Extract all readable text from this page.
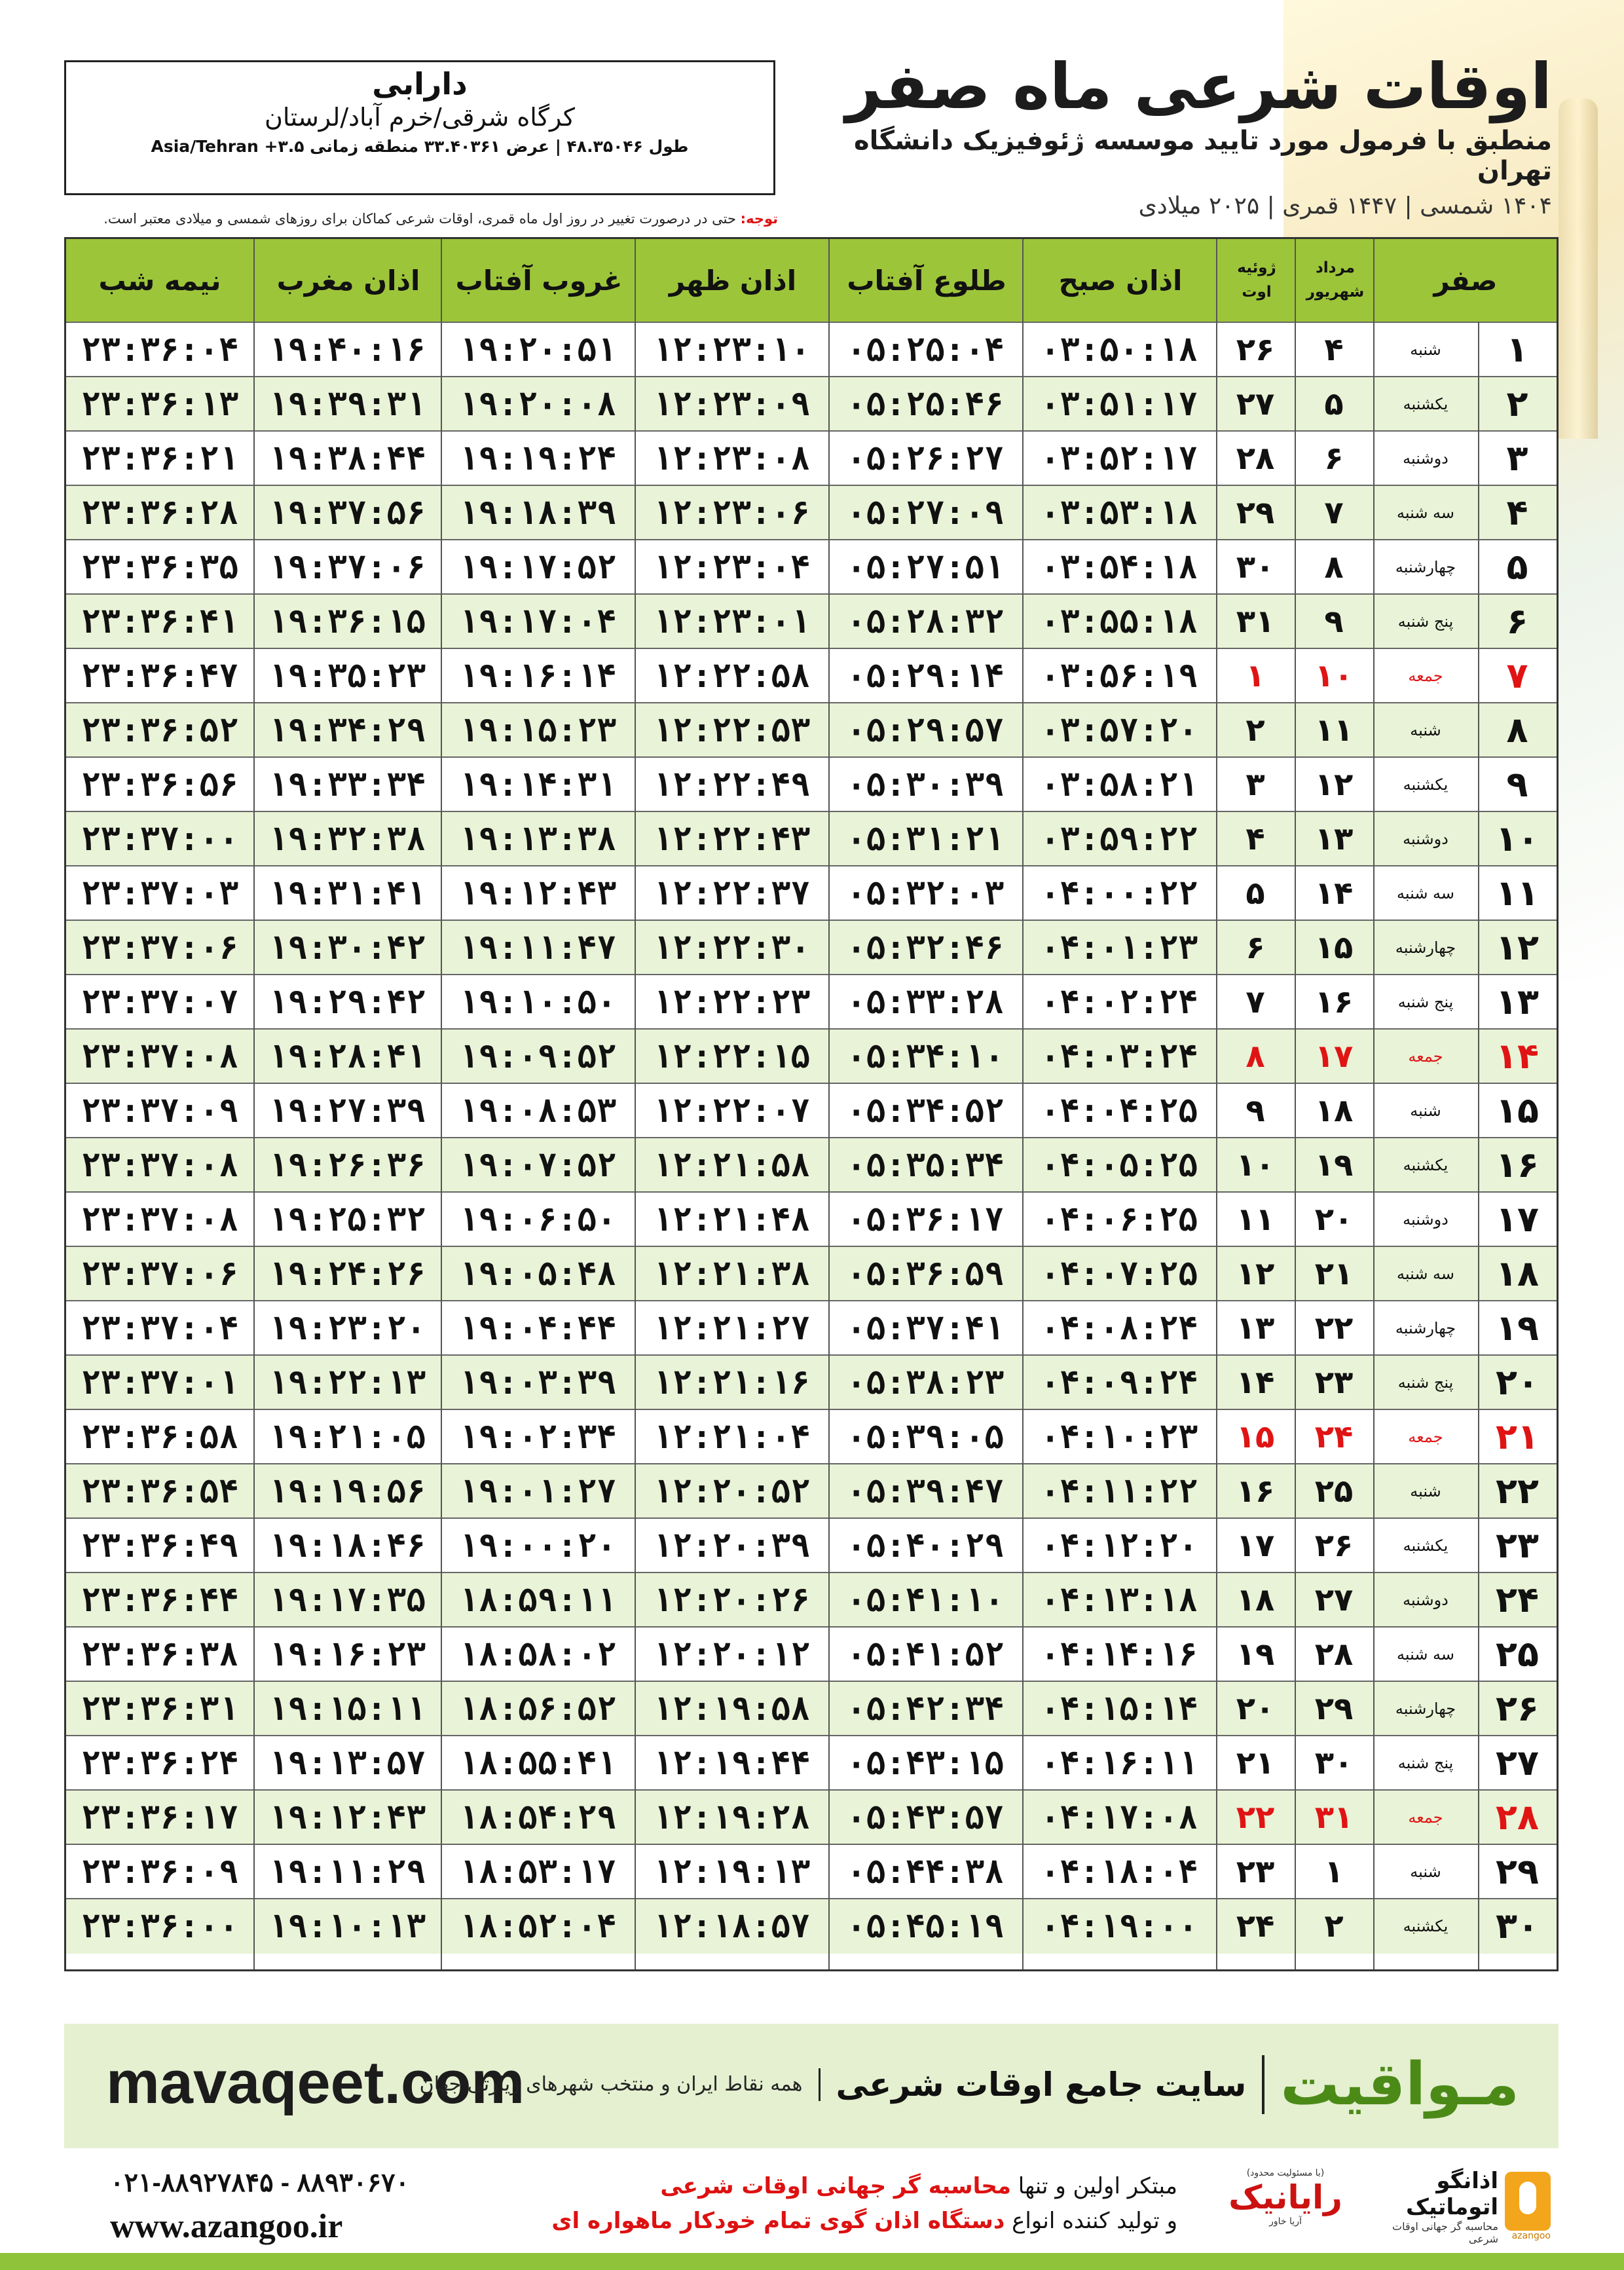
دارابی
کرگاه شرقی/خرم آباد/لرستان
طول ۴۸.۳۵۰۴۶ | عرض ۳۳.۴۰۳۶۱ منطقه زمانی ۳.۵+ Asia/Tehran
اوقات شرعی ماه صفر
منطبق با فرمول مورد تایید موسسه ژئوفیزیک دانشگاه تهران
۱۴۰۴ شمسی | ۱۴۴۷ قمری | ۲۰۲۵ میلادی
توجه: حتی در درصورت تغییر در روز اول ماه قمری، اوقات شرعی کماکان برای روزهای شمسی و میلادی معتبر است.
نیمه شب	اذان مغرب	غروب آفتاب	اذان ظهر	طلوع آفتاب	اذان صبح	ژوئیه
اوت
مرداد
شهریور	صفر
۲۳:۳۶:۰۴ ۱۹:۴۰:۱۶	۱۹:۲۰:۵۱	۱۲:۲۳:۱۰	۰۵:۲۵:۰۴	۰۳:۵۰:۱۸	۲۶	۴	شنبه	۱
۲۳:۳۶:۱۳ ۱۹:۳۹:۳۱	۱۹:۲۰:۰۸	۱۲:۲۳:۰۹	۰۵:۲۵:۴۶	۰۳:۵۱:۱۷	۲۷	۵	یکشنبه	۲
۲۳:۳۶:۲۱ ۱۹:۳۸:۴۴	۱۹:۱۹:۲۴	۱۲:۲۳:۰۸	۰۵:۲۶:۲۷	۰۳:۵۲:۱۷	۲۸	۶	دوشنبه	۳
۲۳:۳۶:۲۸ ۱۹:۳۷:۵۶	۱۹:۱۸:۳۹	۱۲:۲۳:۰۶	۰۵:۲۷:۰۹	۰۳:۵۳:۱۸	۲۹	۷	سه شنبه	۴
۲۳:۳۶:۳۵ ۱۹:۳۷:۰۶	۱۹:۱۷:۵۲	۱۲:۲۳:۰۴	۰۵:۲۷:۵۱	۰۳:۵۴:۱۸	۳۰	۸	چهارشنبه	۵
۲۳:۳۶:۴۱ ۱۹:۳۶:۱۵	۱۹:۱۷:۰۴	۱۲:۲۳:۰۱	۰۵:۲۸:۳۲	۰۳:۵۵:۱۸	۳۱	۹	پنج شنبه	۶
۲۳:۳۶:۴۷ ۱۹:۳۵:۲۳	۱۹:۱۶:۱۴	۱۲:۲۲:۵۸	۰۵:۲۹:۱۴	۰۳:۵۶:۱۹	۱	۱۰	جمعه	۷
۲۳:۳۶:۵۲ ۱۹:۳۴:۲۹	۱۹:۱۵:۲۳	۱۲:۲۲:۵۳	۰۵:۲۹:۵۷	۰۳:۵۷:۲۰	۲	۱۱	شنبه	۸
۲۳:۳۶:۵۶ ۱۹:۳۳:۳۴	۱۹:۱۴:۳۱	۱۲:۲۲:۴۹	۰۵:۳۰:۳۹	۰۳:۵۸:۲۱	۳	۱۲	یکشنبه	۹
۲۳:۳۷:۰۰ ۱۹:۳۲:۳۸	۱۹:۱۳:۳۸	۱۲:۲۲:۴۳	۰۵:۳۱:۲۱	۰۳:۵۹:۲۲	۴	۱۳	دوشنبه	۱۰
۲۳:۳۷:۰۳ ۱۹:۳۱:۴۱	۱۹:۱۲:۴۳	۱۲:۲۲:۳۷	۰۵:۳۲:۰۳	۰۴:۰۰:۲۲	۵	۱۴	سه شنبه	۱۱
۲۳:۳۷:۰۶ ۱۹:۳۰:۴۲	۱۹:۱۱:۴۷	۱۲:۲۲:۳۰	۰۵:۳۲:۴۶	۰۴:۰۱:۲۳	۶	۱۵	چهارشنبه	۱۲
۲۳:۳۷:۰۷ ۱۹:۲۹:۴۲	۱۹:۱۰:۵۰	۱۲:۲۲:۲۳	۰۵:۳۳:۲۸	۰۴:۰۲:۲۴	۷	۱۶	پنج شنبه	۱۳
۲۳:۳۷:۰۸ ۱۹:۲۸:۴۱	۱۹:۰۹:۵۲	۱۲:۲۲:۱۵	۰۵:۳۴:۱۰	۰۴:۰۳:۲۴	۸	۱۷	جمعه	۱۴
۲۳:۳۷:۰۹ ۱۹:۲۷:۳۹	۱۹:۰۸:۵۳	۱۲:۲۲:۰۷	۰۵:۳۴:۵۲	۰۴:۰۴:۲۵	۹	۱۸	شنبه	۱۵
۲۳:۳۷:۰۸ ۱۹:۲۶:۳۶	۱۹:۰۷:۵۲	۱۲:۲۱:۵۸	۰۵:۳۵:۳۴	۰۴:۰۵:۲۵	۱۰	۱۹	یکشنبه	۱۶
۲۳:۳۷:۰۸ ۱۹:۲۵:۳۲	۱۹:۰۶:۵۰	۱۲:۲۱:۴۸	۰۵:۳۶:۱۷	۰۴:۰۶:۲۵	۱۱	۲۰	دوشنبه	۱۷
۲۳:۳۷:۰۶ ۱۹:۲۴:۲۶	۱۹:۰۵:۴۸	۱۲:۲۱:۳۸	۰۵:۳۶:۵۹	۰۴:۰۷:۲۵	۱۲	۲۱	سه شنبه	۱۸
۲۳:۳۷:۰۴ ۱۹:۲۳:۲۰	۱۹:۰۴:۴۴	۱۲:۲۱:۲۷	۰۵:۳۷:۴۱	۰۴:۰۸:۲۴	۱۳	۲۲	چهارشنبه	۱۹
۲۳:۳۷:۰۱ ۱۹:۲۲:۱۳	۱۹:۰۳:۳۹	۱۲:۲۱:۱۶	۰۵:۳۸:۲۳	۰۴:۰۹:۲۴	۱۴	۲۳	پنج شنبه	۲۰
۲۳:۳۶:۵۸ ۱۹:۲۱:۰۵	۱۹:۰۲:۳۴	۱۲:۲۱:۰۴	۰۵:۳۹:۰۵	۰۴:۱۰:۲۳	۱۵	۲۴	جمعه	۲۱
۲۳:۳۶:۵۴ ۱۹:۱۹:۵۶	۱۹:۰۱:۲۷	۱۲:۲۰:۵۲	۰۵:۳۹:۴۷	۰۴:۱۱:۲۲	۱۶	۲۵	شنبه	۲۲
۲۳:۳۶:۴۹ ۱۹:۱۸:۴۶	۱۹:۰۰:۲۰	۱۲:۲۰:۳۹	۰۵:۴۰:۲۹	۰۴:۱۲:۲۰	۱۷	۲۶	یکشنبه	۲۳
۲۳:۳۶:۴۴ ۱۹:۱۷:۳۵	۱۸:۵۹:۱۱	۱۲:۲۰:۲۶	۰۵:۴۱:۱۰	۰۴:۱۳:۱۸	۱۸	۲۷	دوشنبه	۲۴
۲۳:۳۶:۳۸ ۱۹:۱۶:۲۳	۱۸:۵۸:۰۲	۱۲:۲۰:۱۲	۰۵:۴۱:۵۲	۰۴:۱۴:۱۶	۱۹	۲۸	سه شنبه	۲۵
۲۳:۳۶:۳۱ ۱۹:۱۵:۱۱	۱۸:۵۶:۵۲	۱۲:۱۹:۵۸	۰۵:۴۲:۳۴	۰۴:۱۵:۱۴	۲۰	۲۹	چهارشنبه	۲۶
۲۳:۳۶:۲۴ ۱۹:۱۳:۵۷	۱۸:۵۵:۴۱	۱۲:۱۹:۴۴	۰۵:۴۳:۱۵	۰۴:۱۶:۱۱	۲۱	۳۰	پنج شنبه	۲۷
۲۳:۳۶:۱۷ ۱۹:۱۲:۴۳	۱۸:۵۴:۲۹	۱۲:۱۹:۲۸	۰۵:۴۳:۵۷	۰۴:۱۷:۰۸	۲۲	۳۱	جمعه	۲۸
۲۳:۳۶:۰۹ ۱۹:۱۱:۲۹	۱۸:۵۳:۱۷	۱۲:۱۹:۱۳	۰۵:۴۴:۳۸	۰۴:۱۸:۰۴	۲۳	۱	شنبه	۲۹
۲۳:۳۶:۰۰ ۱۹:۱۰:۱۳	۱۸:۵۲:۰۴	۱۲:۱۸:۵۷	۰۵:۴۵:۱۹	۰۴:۱۹:۰۰	۲۴	۲	یکشنبه	۳۰
mavaqeet.com	مـواقیت
سایت جامع اوقات شرعی
همه نقاط ایران و منتخب شهرهای زیارتی جهان
۰۲۱-۸۸۹۲۷۸۴۵ - ۸۸۹۳۰۶۷۰
www.azangoo.ir
مبتکر اولین و تنها محاسبه گر جهانی اوقات شرعی
و تولید کننده انواع دستگاه اذان گوی تمام خودکار ماهواره ای
(با مسئولیت محدود)
رایانیک
آریا خاور
azangoo
اذانگو اتوماتیک
محاسبه گر جهانی اوقات شرعی
